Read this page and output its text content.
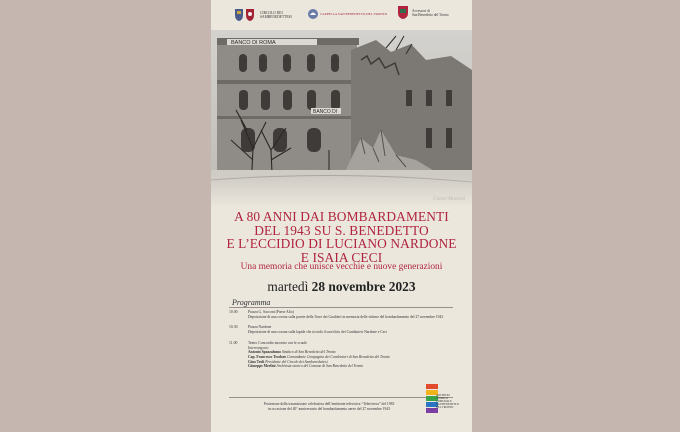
CIRCOLO DEI
SAMBENEDETTESI
CAPPELLA SAN BENEDETTO DEL TRONTO
Accessori di
San Benedetto del Tronto
A 80 ANNI DAI BOMBARDAMENTI
DEL 1943 SU S. BENEDETTO
E L’ECCIDIO DI LUCIANO NARDONE
E ISAIA CECI
Una memoria che unisce vecchie e nuove generazioni
martedì 28 novembre 2023
Programma
10.00	Piazza G. Sacconi (Paese Alto)
Deposizione di una corona sulla parete della Torre dei Gualtieri in memoria delle vittime del bombardamento del 27 novembre 1943
10.30	Piazza Nardone
Deposizione di una corona sulla lapide che ricorda il sacrificio dei Carabinieri Nardone e Ceci
11.00	Teatro Concordia incontro con le scuole
Intervengono:
Antonio Spazzafumo Sindaco di San Benedetto del Tronto
Cap. Francesco Teodoro Comandante Compagnia dei Carabinieri di San Benedetto del Tronto
Gino Troli Presidente del Circolo dei Sambenedettesi
Giuseppe Merlini Archivista storico del Comune di San Benedetto del Tronto
Proiezione della trasmissione celebrativa dell’emittente televisiva “Teleriviera” del 1983
in occasione del 40° anniversario del bombardamento aereo del 27 novembre 1943
ARCHIVIO
STORICO
COMUNALE
SAN BENEDETTO DEL TRONTO
